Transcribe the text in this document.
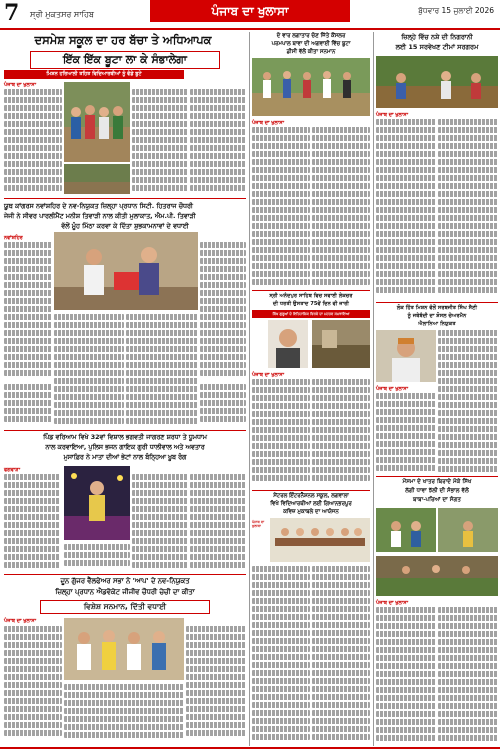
7 ਸ੍ਰੀ ਮੁਕਤਸਰ ਸਾਹਿਬ	ਪੰਜਾਬ ਦਾ ਖੁਲਾਸਾ	ਬੁੱਧਵਾਰ 15 ਜੁਲਾਈ 2026
ਦਸਮੇਸ਼ ਸਕੂਲ ਦਾ ਹਰ ਬੱਚਾ ਤੇ ਅਧਿਆਪਕ
ਇੱਕ ਇੱਕ ਬੂਟਾ ਲਾ ਕੇ ਸੰਭਾਲੇਗਾ
ਮਿਸ਼ਨ ਹਰਿਆਲੀ ਤਹਿਤ ਵਿਦਿਆਰਥੀਆਂ ਨੂੰ ਵੰਡੇ ਬੂਟੇ
ਪੰਜਾਬ ਦਾ ਖੁਲਾਸਾ
ਯੂਥ ਕਾਂਗਰਸ ਨਵਾਂਸ਼ਹਿਰ ਦੇ ਨਵ-ਨਿਯੁਕਤ ਜ਼ਿਲ੍ਹਾ ਪ੍ਰਧਾਨ ਸਿਟੀ. ਹਿਤਰਾਜ ਚੌਧਰੀ
ਜੇਜੀ ਨੇ ਸੀਵਰ ਪਾਰਲੀਮੈਂਟ ਮਨੀਸ਼ ਤਿਵਾੜੀ ਨਾਲ ਕੀਤੀ ਮੁਲਾਕਾਤ, ਐਮ.ਪੀ. ਤਿਵਾੜੀ
ਵੱਲੋਂ ਮੂੰਹ ਮਿੱਠਾ ਕਰਵਾ ਕੇ ਦਿੱਤਾ ਸ਼ੁਭਕਾਮਨਾਵਾਂ ਦੇ ਵਧਾਈ
ਨਵਾਂਸ਼ਹਿਰ
ਪਿੰਡ ਵਰਿਆਮ ਵਿਖੇ 32ਵਾਂ ਵਿਸ਼ਾਲ ਭਗਵਤੀ ਜਾਗਰਣ ਸ਼ਰਧਾ ਤੇ ਧੂਮਧਾਮ
ਨਾਲ ਕਰਵਾਇਆ, ਪੁਲਿਸ ਭਜਨ ਗਾਇਕ ਗੁਰੀ ਧਾਲੀਵਾਲ ਅਤੇ ਅਵਤਾਰ
ਮੁਸਾਫ਼ਿਰ ਨੇ ਮਾਤਾ ਦੀਆਂ ਭੇਟਾਂ ਨਾਲ ਬੰਨ੍ਹਿਆ ਖੂਬ ਰੰਗ
ਫਗਵਾੜਾ
ਦੂਨ ਗੁੱਜਰ ਵੈੱਲਫੇਅਰ ਸਭਾ ਨੇ 'ਆਪ' ਦੇ ਨਵ-ਨਿਯੁਕਤ
ਜ਼ਿਲ੍ਹਾ ਪ੍ਰਧਾਨ ਐਡਵੋਕੇਟ ਜੀਜੀਵ ਚੌਧਰੀ ਚੇਚੀ ਦਾ ਕੀਤਾ
ਵਿਸ਼ੇਸ਼ ਸਨਮਾਨ, ਦਿੱਤੀ ਵਧਾਈ
ਪੰਜਾਬ ਦਾ ਖੁਲਾਸਾ
ਦੋ ਵਾਰ ਲਗਾਤਾਰ ਚੋਣ ਜਿੱਤੇ ਕੌਂਸਲਰ
ਪਰਮਪਾਲ ਬਾਵਾ ਦੀ ਅਗਵਾਈ ਵਿੱਚ ਬੂਟਾ
ਡੀਸੀ ਵੱਲੋਂ ਕੀਤਾ ਸਨਮਾਨ
ਪੰਜਾਬ ਦਾ ਖੁਲਾਸਾ
ਸ੍ਰੀ ਅਨੰਦਪੁਰ ਸਾਹਿਬ ਵਿਚ ਸਵਾਈ ਲੇਕਚਰ
ਦੀ ਧਰਤੀ ਉਸਤਾਦ 75ਵੇਂ ਦਿਨ ਵੀ ਜਾਰੀ
ਸਿੱਖ ਗੁਰੂਆਂ ਦੇ ਇਤਿਹਾਸਿਕ ਵਿਰਸੇ ਦਾ ਮਹਤਵ ਸਮਝਾਇਆ
ਪੰਜਾਬ ਦਾ ਖੁਲਾਸਾ
ਸੇਂਟਰਲ ਇੰਟਰਨੈਸ਼ਨਲ ਸਕੂਲ, ਲਗਵਾਲਾ
ਵਿਖੇ ਵਿਦਿਆਰਥੀਆਂ ਲਈ ਗਿਆਨਭਰਪੂਰ
ਕਵਿਜ਼ ਮੁਕਾਬਲੇ ਦਾ ਆਯੋਜਨ
ਪੰਜਾਬ ਦਾ ਖੁਲਾਸਾ
ਜ਼ਿਲ੍ਹੇ ਵਿੱਚ ਨਸ਼ੇ ਦੀ ਨਿਗਰਾਨੀ
ਲਈ 15 ਸਰਵੇਖਣ ਟੀਮਾਂ ਸਰਗਰਮ
ਪੰਜਾਬ ਦਾ ਖੁਲਾਸਾ
ਲੋਕ ਹਿੱਤ ਮਿਸ਼ਨ ਵੱਲੋਂ ਸਰਬਜੀਤ ਸਿੰਘ ਸੈਣੀ
ਨੂੰ ਜਥੇਬੰਦੀ ਦਾ ਸ਼ੋਸਲ ਚੇਅਰਮੈਨ
ਐਲਾਨਿਆ ਨਿਯੁਕਤ
ਪੰਜਾਬ ਦਾ ਖੁਲਾਸਾ
ਮੌਸਮਾ ਦੇ ਖਾਤਰ ਬਿਰਾਦੇ ਮੌਕੇ ਸਿੱਖ
ਲੱਗੀ ਧਾਵਾ ਝੱਲੀ ਦੀ ਸੰਭਾਲ ਵੱਲੋਂ
ਬਾਬਾ-ਪਰਿਆਂ ਦਾ ਸੰਗਤ
ਪੰਜਾਬ ਦਾ ਖੁਲਾਸਾ
